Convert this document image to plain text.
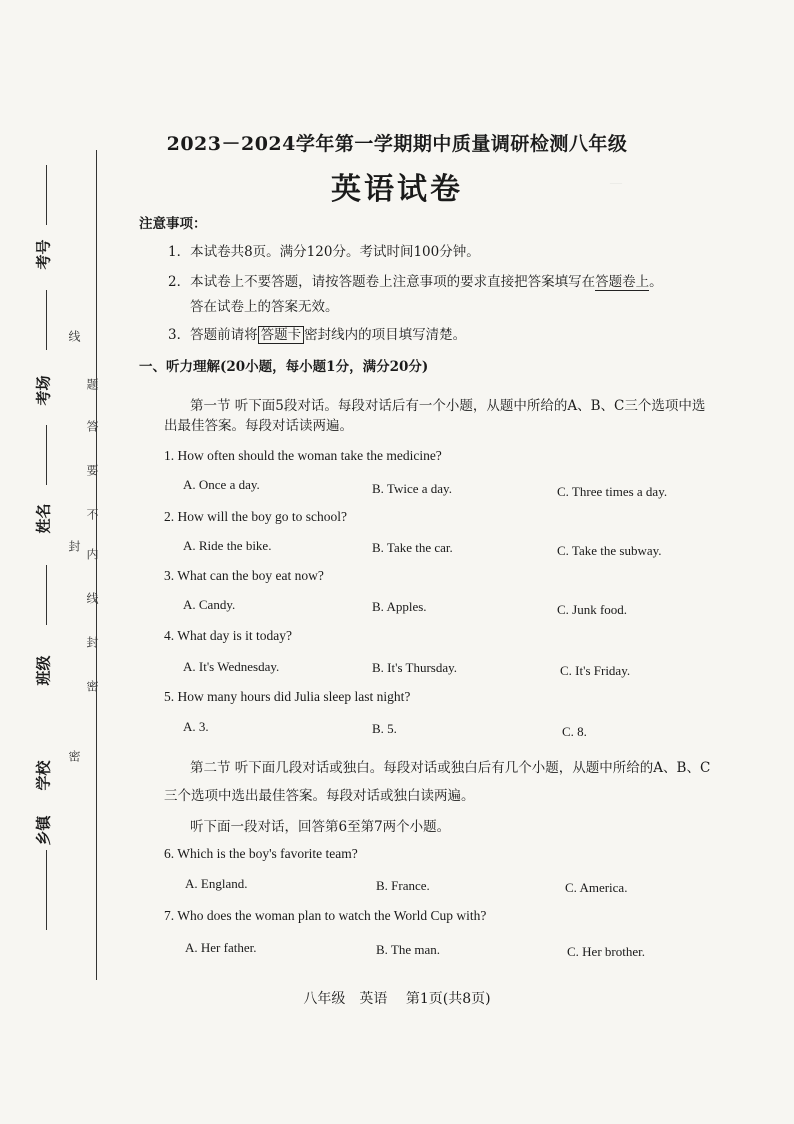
—
考号
考场
姓名
班级
乡镇
学校
线
题
答
要
不
内
封
线
密
封
密
2023－2024学年第一学期期中质量调研检测八年级
英语试卷
注意事项：
1．本试卷共8页。满分120分。考试时间100分钟。
2．本试卷上不要答题，请按答题卷上注意事项的要求直接把答案填写在答题卷上。
答在试卷上的答案无效。
3．答题前请将 答题卡 密封线内的项目填写清楚。
一、听力理解(20小题，每小题1分，满分20分)
第一节 听下面5段对话。每段对话后有一个小题，从题中所给的A、B、C三个选项中选
出最佳答案。每段对话读两遍。
1. How often should the woman take the medicine?
A. Once a day.	B. Twice a day.	C. Three times a day.
2. How will the boy go to school?
A. Ride the bike.	B. Take the car.	C. Take the subway.
3. What can the boy eat now?
A. Candy.	B. Apples.	C. Junk food.
4. What day is it today?
A. It's Wednesday.	B. It's Thursday.	C. It's Friday.
5. How many hours did Julia sleep last night?
A. 3.	B. 5.	C. 8.
第二节 听下面几段对话或独白。每段对话或独白后有几个小题，从题中所给的A、B、C
三个选项中选出最佳答案。每段对话或独白读两遍。
听下面一段对话，回答第6至第7两个小题。
6. Which is the boy's favorite team?
A. England.	B. France.	C. America.
7. Who does the woman plan to watch the World Cup with?
A. Her father.	B. The man.	C. Her brother.
八年级　英语　 第1页(共8页)
